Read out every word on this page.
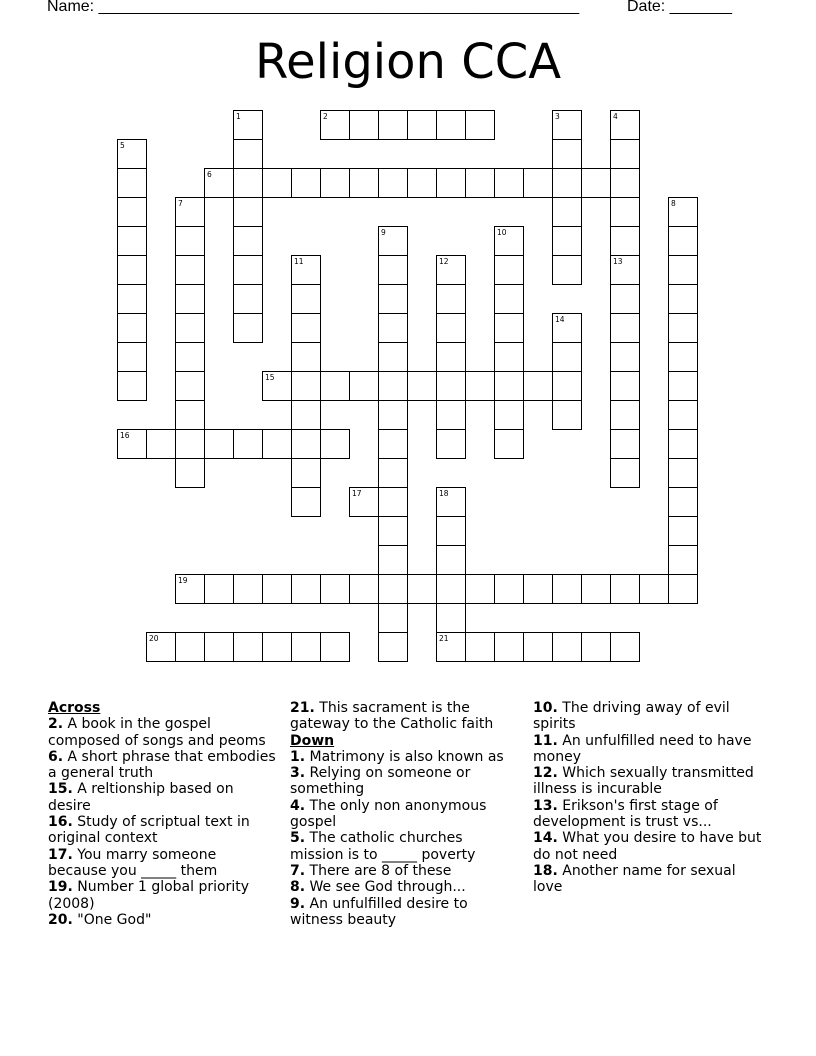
Name: ______________________________________________________	Date: _______
Religion CCA
1	2	3	4
5
6
7	8
9	10
11	12	13
14
15
16
17	18
21
19
20

Across

2. A book in the gospel composed of songs and peoms

6. A short phrase that embodies a general truth

15. A reltionship based on desire

16. Study of scriptual text in original context

17. You marry someone because you _____ them

19. Number 1 global priority (2008)

20. "One God"

21. This sacrament is the gateway to the Catholic faith

Down

1. Matrimony is also known as

3. Relying on someone or something

4. The only non anonymous gospel

5. The catholic churches mission is to _____ poverty

7. There are 8 of these

8. We see God through...

9. An unfulfilled desire to witness beauty

10. The driving away of evil spirits

11. An unfulfilled need to have money

12. Which sexually transmitted illness is incurable

13. Erikson's first stage of development is trust vs...

14. What you desire to have but do not need

18. Another name for sexual love
